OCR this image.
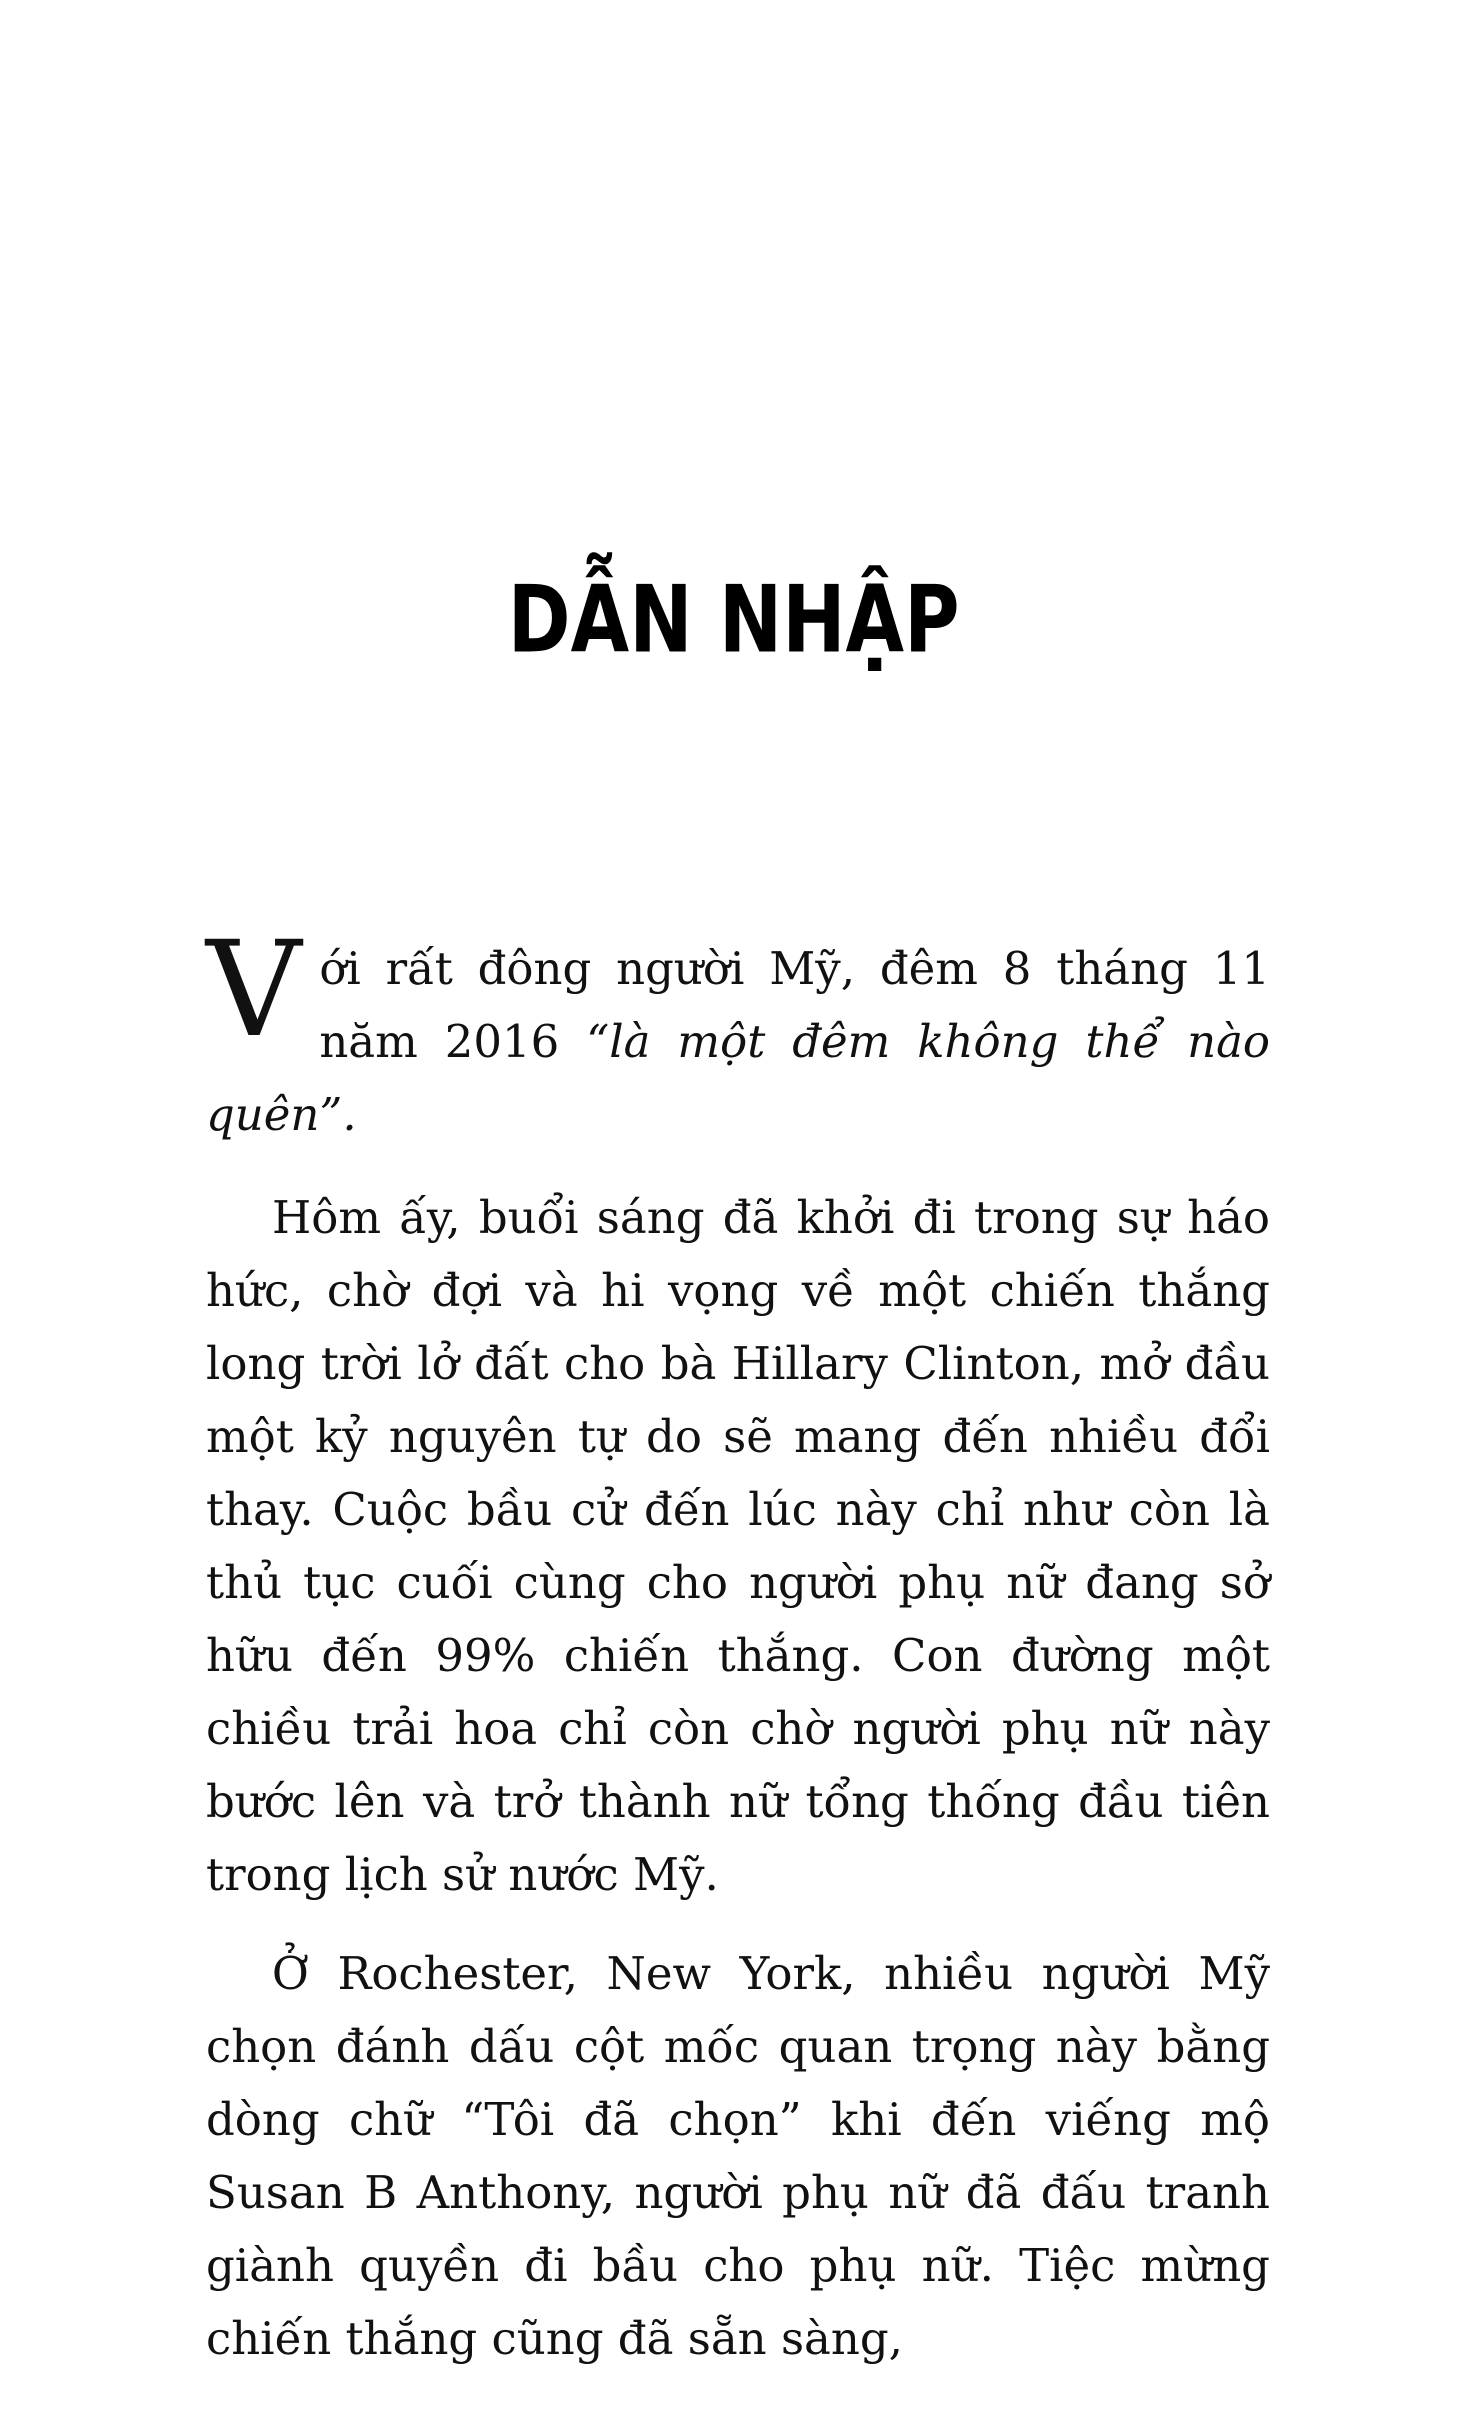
DẪN NHẬP

Với rất đông người Mỹ, đêm 8 tháng 11 năm 2016 “là một đêm không thể nào quên”.

Hôm ấy, buổi sáng đã khởi đi trong sự háo hức, chờ đợi và hi vọng về một chiến thắng long trời lở đất cho bà Hillary Clinton, mở đầu một kỷ nguyên tự do sẽ mang đến nhiều đổi thay. Cuộc bầu cử đến lúc này chỉ như còn là thủ tục cuối cùng cho người phụ nữ đang sở hữu đến 99% chiến thắng. Con đường một chiều trải hoa chỉ còn chờ người phụ nữ này bước lên và trở thành nữ tổng thống đầu tiên trong lịch sử nước Mỹ.

Ở Rochester, New York, nhiều người Mỹ chọn đánh dấu cột mốc quan trọng này bằng dòng chữ “Tôi đã chọn” khi đến viếng mộ Susan B Anthony, người phụ nữ đã đấu tranh giành quyền đi bầu cho phụ nữ. Tiệc mừng chiến thắng cũng đã sẵn sàng,
